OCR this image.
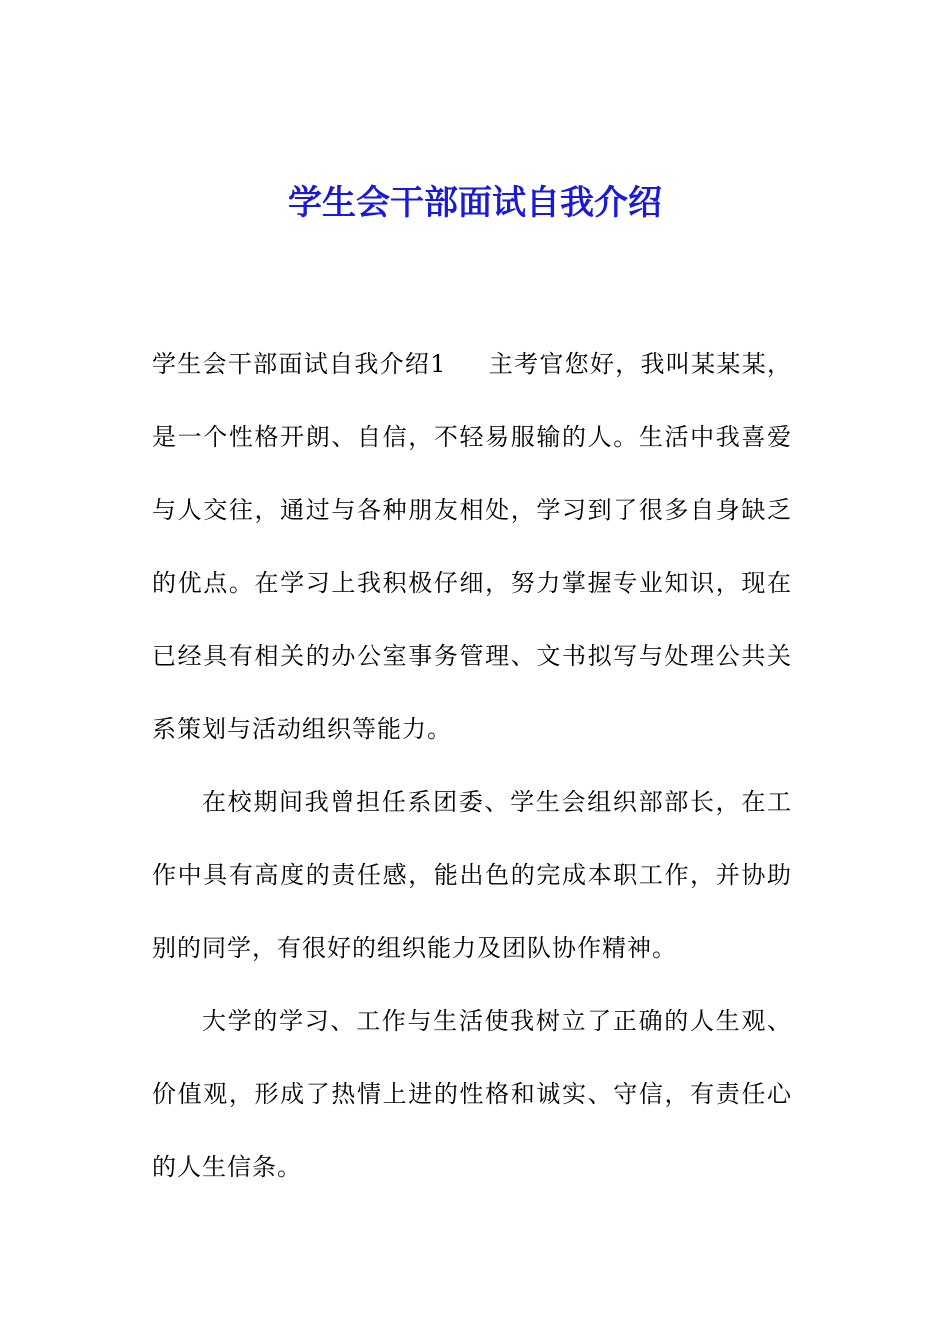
学生会干部面试自我介绍

学生会干部面试自我介绍1 主考官您好，我叫某某某，是一个性格开朗、自信，不轻易服输的人。生活中我喜爱与人交往，通过与各种朋友相处，学习到了很多自身缺乏的优点。在学习上我积极仔细，努力掌握专业知识，现在已经具有相关的办公室事务管理、文书拟写与处理公共关系策划与活动组织等能力。

在校期间我曾担任系团委、学生会组织部部长，在工作中具有高度的责任感，能出色的完成本职工作，并协助别的同学，有很好的组织能力及团队协作精神。

大学的学习、工作与生活使我树立了正确的人生观、价值观，形成了热情上进的性格和诚实、守信，有责任心的人生信条。
